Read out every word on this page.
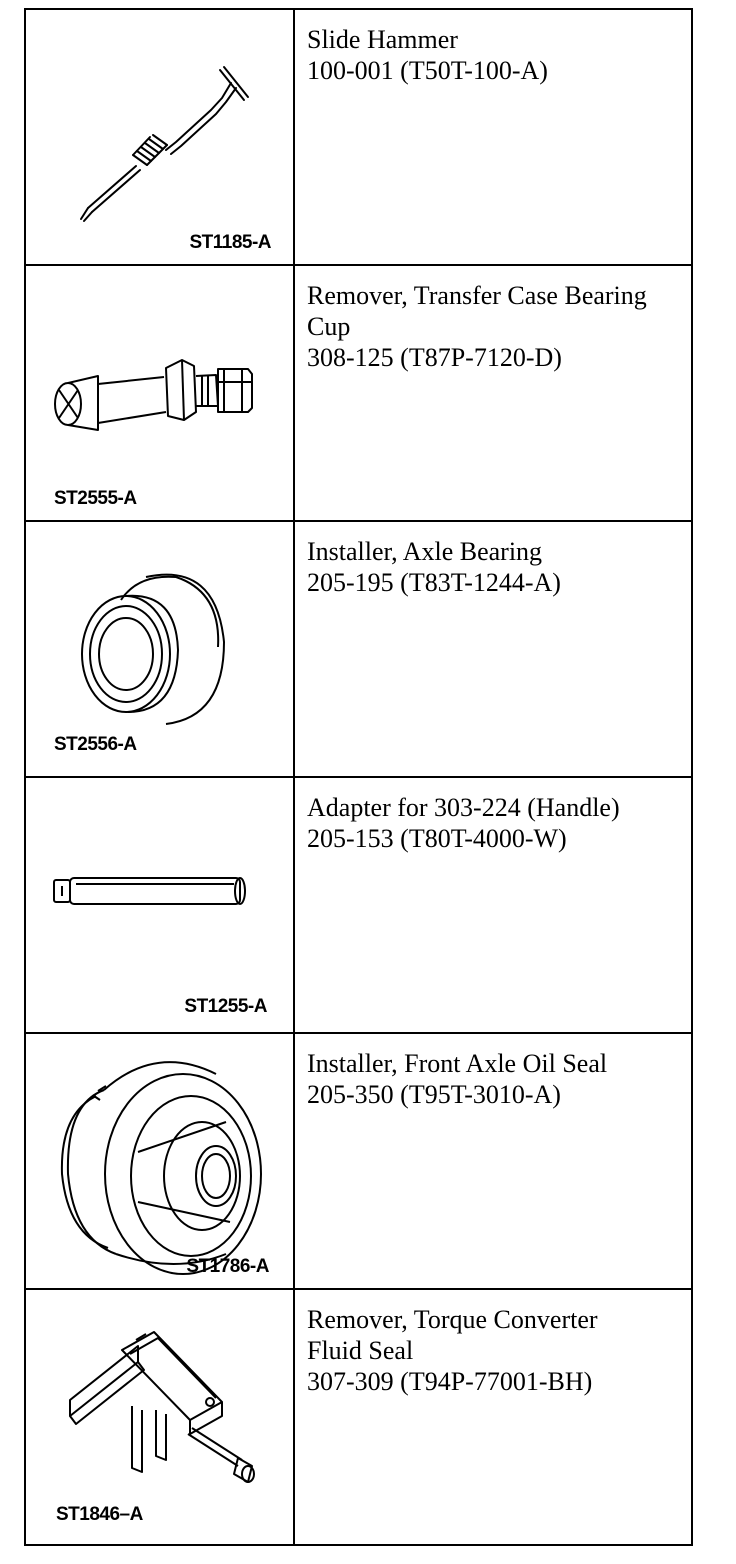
ST1185-A
Slide Hammer
100-001 (T50T-100-A)
ST2555-A
Remover, Transfer Case Bearing
Cup
308-125 (T87P-7120-D)
ST2556-A
Installer, Axle Bearing
205-195 (T83T-1244-A)
ST1255-A
Adapter for 303-224 (Handle)
205-153 (T80T-4000-W)
ST1786-A
Installer, Front Axle Oil Seal
205-350 (T95T-3010-A)
ST1846–A
Remover, Torque Converter
Fluid Seal
307-309 (T94P-77001-BH)
